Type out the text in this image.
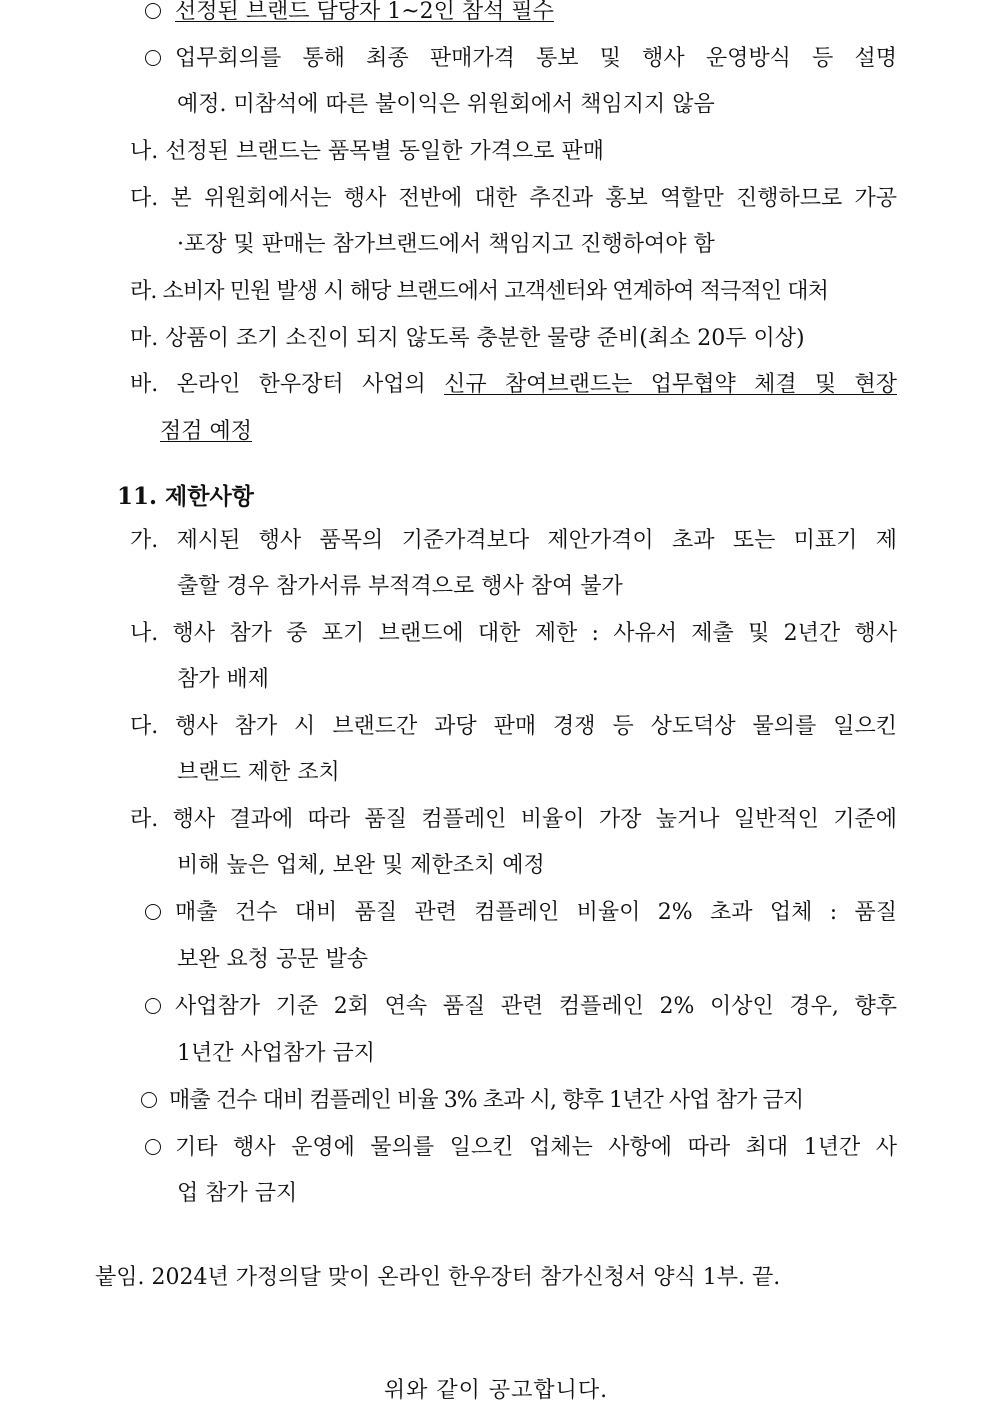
선정된 브랜드 담당자 1~2인 참석 필수
업무회의를 통해 최종 판매가격 통보 및 행사 운영방식 등 설명
예정. 미참석에 따른 불이익은 위원회에서 책임지지 않음
나. 선정된 브랜드는 품목별 동일한 가격으로 판매
다. 본 위원회에서는 행사 전반에 대한 추진과 홍보 역할만 진행하므로 가공
·포장 및 판매는 참가브랜드에서 책임지고 진행하여야 함
라. 소비자 민원 발생 시 해당 브랜드에서 고객센터와 연계하여 적극적인 대처
마. 상품이 조기 소진이 되지 않도록 충분한 물량 준비(최소 20두 이상)
바. 온라인 한우장터 사업의 신규 참여브랜드는 업무협약 체결 및 현장
점검 예정
11. 제한사항
가. 제시된 행사 품목의 기준가격보다 제안가격이 초과 또는 미표기 제
출할 경우 참가서류 부적격으로 행사 참여 불가
나. 행사 참가 중 포기 브랜드에 대한 제한 : 사유서 제출 및 2년간 행사
참가 배제
다. 행사 참가 시 브랜드간 과당 판매 경쟁 등 상도덕상 물의를 일으킨
브랜드 제한 조치
라. 행사 결과에 따라 품질 컴플레인 비율이 가장 높거나 일반적인 기준에
비해 높은 업체, 보완 및 제한조치 예정
매출 건수 대비 품질 관련 컴플레인 비율이 2% 초과 업체 : 품질
보완 요청 공문 발송
사업참가 기준 2회 연속 품질 관련 컴플레인 2% 이상인 경우, 향후
1년간 사업참가 금지
매출 건수 대비 컴플레인 비율 3% 초과 시, 향후 1년간 사업 참가 금지
기타 행사 운영에 물의를 일으킨 업체는 사항에 따라 최대 1년간 사
업 참가 금지
붙임. 2024년 가정의달 맞이 온라인 한우장터 참가신청서 양식 1부. 끝.
위와 같이 공고합니다.
